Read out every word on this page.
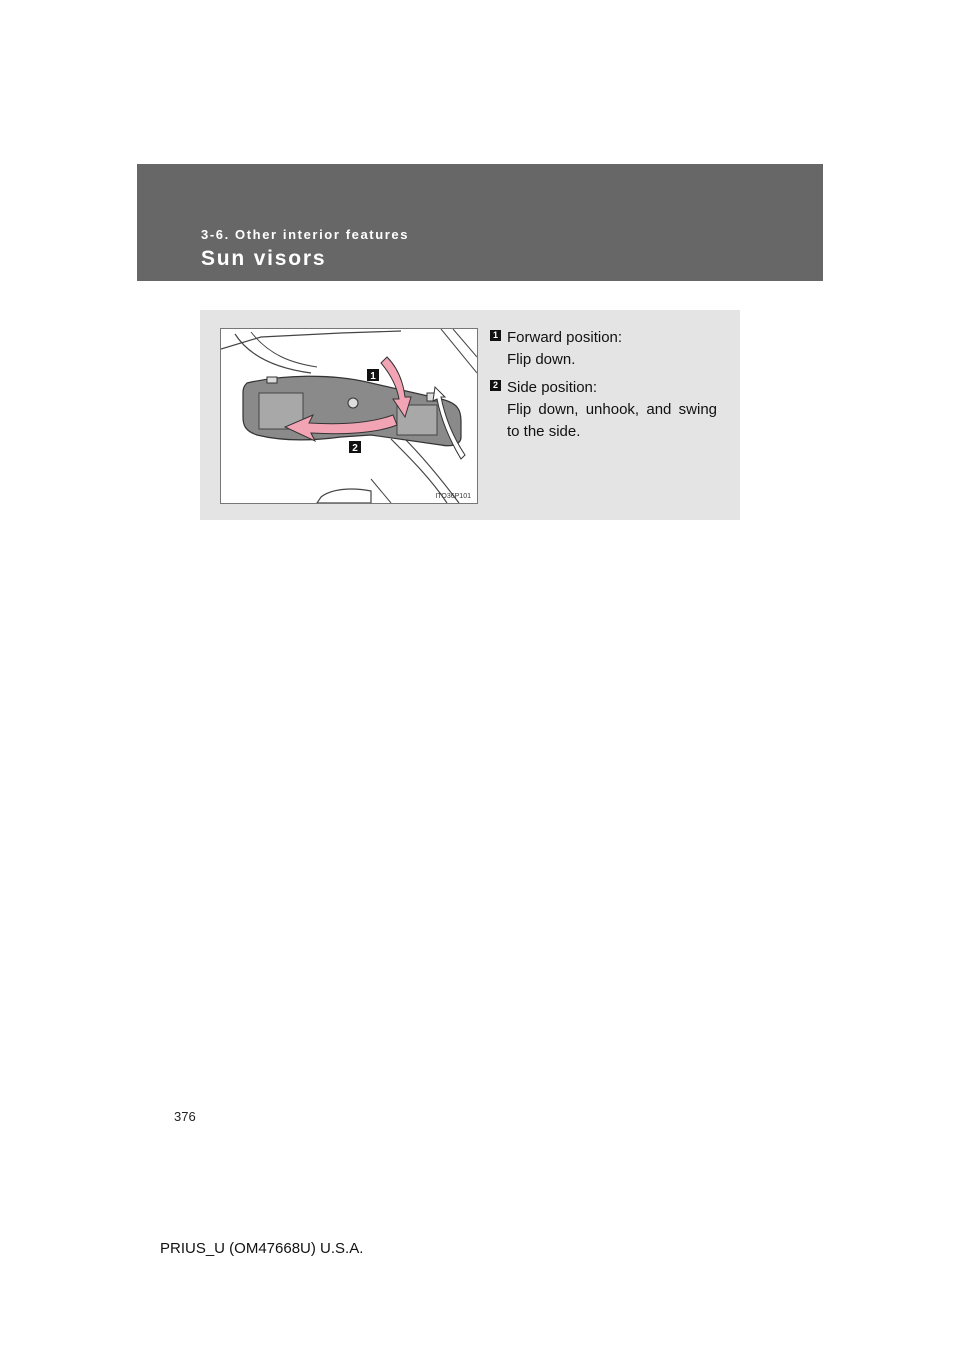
3-6. Other interior features
Sun visors
1
2
ITO36P101
1 Forward position:
Flip down.
2 Side position:
Flip down, unhook, and swing to the side.
376
PRIUS_U (OM47668U) U.S.A.
